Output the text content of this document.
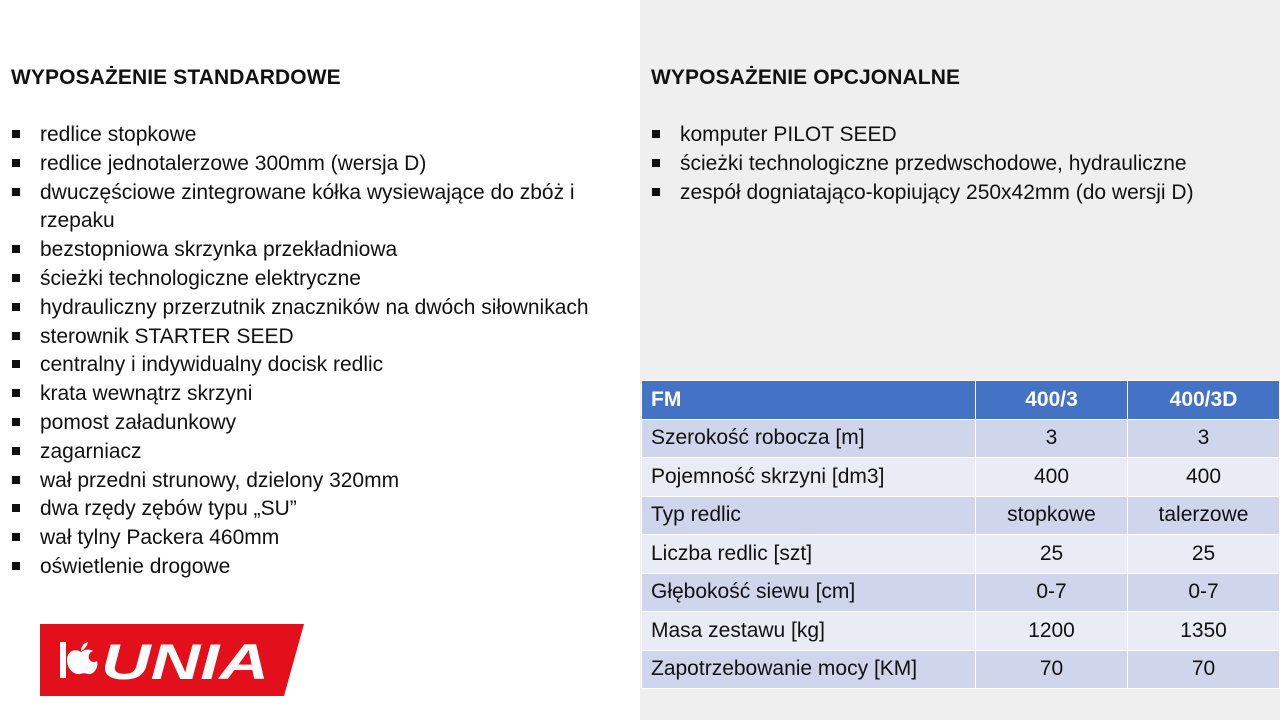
WYPOSAŻENIE STANDARDOWE
redlice stopkowe
redlice jednotalerzowe 300mm (wersja D)
dwuczęściowe zintegrowane kółka wysiewające do zbóż i rzepaku
bezstopniowa skrzynka przekładniowa
ścieżki technologiczne elektryczne
hydrauliczny przerzutnik znaczników na dwóch siłownikach
sterownik STARTER SEED
centralny i indywidualny docisk redlic
krata wewnątrz skrzyni
pomost załadunkowy
zagarniacz
wał przedni strunowy, dzielony 320mm
dwa rzędy zębów typu „SU”
wał tylny Packera 460mm
oświetlenie drogowe
WYPOSAŻENIE OPCJONALNE
komputer PILOT SEED
ścieżki technologiczne przedwschodowe, hydrauliczne
zespół dogniatająco-kopiujący 250x42mm (do wersji D)
UNIA
FM	400/3	400/3D
Szerokość robocza [m]	3	3
Pojemność skrzyni [dm3]	400	400
Typ redlic	stopkowe	talerzowe
Liczba redlic [szt]	25	25
Głębokość siewu [cm]	0-7	0-7
Masa zestawu [kg]	1200	1350
Zapotrzebowanie mocy [KM]	70	70
